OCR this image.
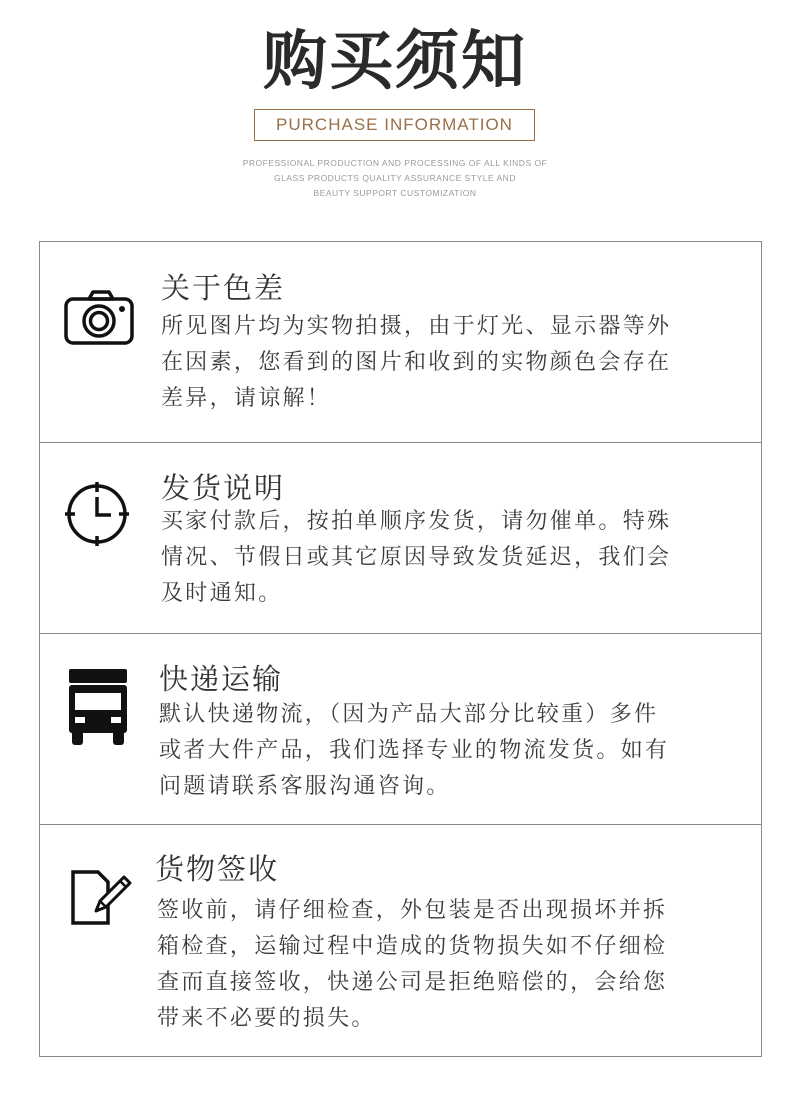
购买须知
PURCHASE INFORMATION
PROFESSIONAL PRODUCTION AND PROCESSING OF ALL KINDS OF
GLASS PRODUCTS QUALITY ASSURANCE STYLE AND
BEAUTY SUPPORT CUSTOMIZATION
关于色差
所见图片均为实物拍摄，由于灯光、显示器等外
在因素，您看到的图片和收到的实物颜色会存在
差异，请谅解！
发货说明
买家付款后，按拍单顺序发货，请勿催单。特殊
情况、节假日或其它原因导致发货延迟，我们会
及时通知。
快递运输
默认快递物流，（因为产品大部分比较重）多件
或者大件产品，我们选择专业的物流发货。如有
问题请联系客服沟通咨询。
货物签收
签收前，请仔细检查，外包装是否出现损坏并拆
箱检查，运输过程中造成的货物损失如不仔细检
查而直接签收，快递公司是拒绝赔偿的，会给您
带来不必要的损失。
